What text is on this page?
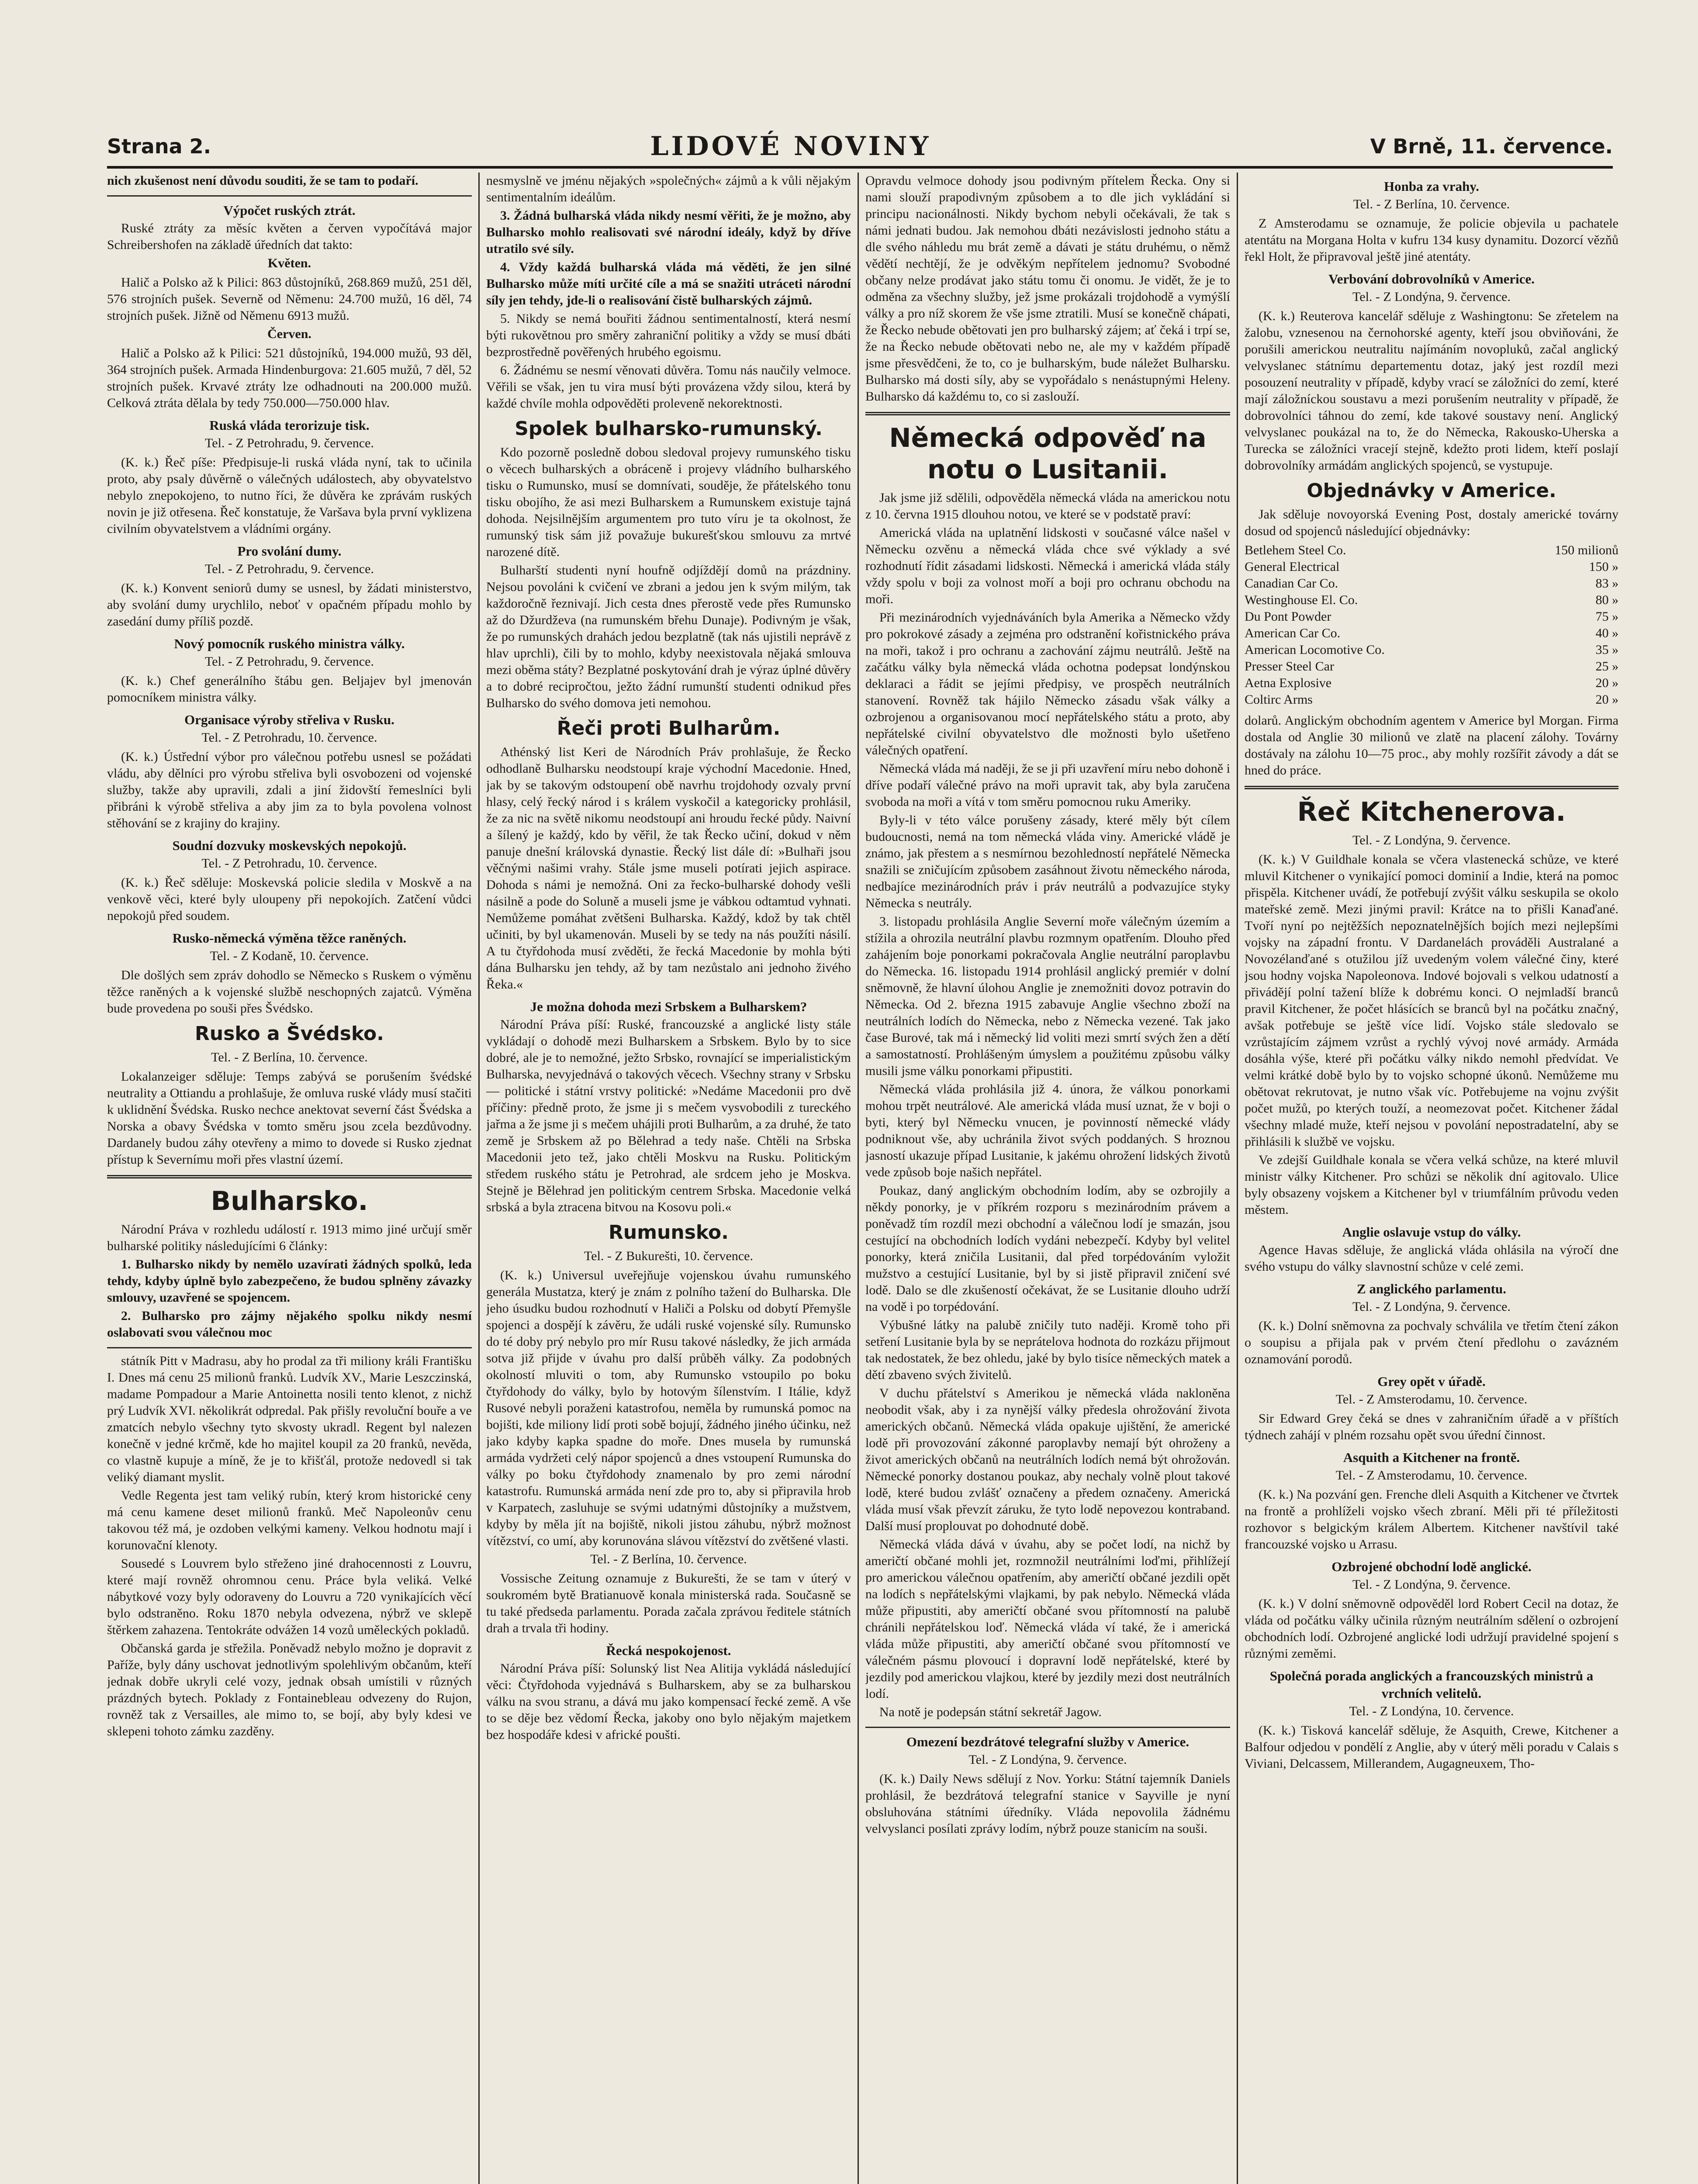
Strana 2.	LIDOVÉ NOVINY	V Brně, 11. července.

nich zkušenost není důvodu souditi, že se tam to podaří.

Výpočet ruských ztrát.

Ruské ztráty za měsíc květen a červen vypočítává major Schreibershofen na základě úředních dat takto:

Květen.

Halič a Polsko až k Pilici: 863 důstojníků, 268.869 mužů, 251 děl, 576 strojních pušek. Severně od Němenu: 24.700 mužů, 16 děl, 74 strojních pušek. Jižně od Němenu 6913 mužů.

Červen.

Halič a Polsko až k Pilici: 521 důstojníků, 194.000 mužů, 93 děl, 364 strojních pušek. Armada Hindenburgova: 21.605 mužů, 7 děl, 52 strojních pušek. Krvavé ztráty lze odhadnouti na 200.000 mužů. Celková ztráta dělala by tedy 750.000—750.000 hlav.

Ruská vláda terorizuje tisk.
Tel. - Z Petrohradu, 9. července.

(K. k.) Řeč píše: Předpisuje-li ruská vláda nyní, tak to učinila proto, aby psaly důvěrně o válečných událostech, aby obyvatelstvo nebylo znepokojeno, to nutno říci, že důvěra ke zprávám ruských novin je již otřesena. Řeč konstatuje, že Varšava byla první vyklizena civilním obyvatelstvem a vládními orgány.

Pro svolání dumy.
Tel. - Z Petrohradu, 9. července.

(K. k.) Konvent seniorů dumy se usnesl, by žádati ministerstvo, aby svolání dumy urychlilo, neboť v opačném případu mohlo by zasedání dumy příliš pozdě.

Nový pomocník ruského ministra války.
Tel. - Z Petrohradu, 9. července.

(K. k.) Chef generálního štábu gen. Beljajev byl jmenován pomocníkem ministra války.

Organisace výroby střeliva v Rusku.
Tel. - Z Petrohradu, 10. července.

(K. k.) Ústřední výbor pro válečnou potřebu usnesl se požádati vládu, aby dělníci pro výrobu střeliva byli osvobozeni od vojenské služby, takže aby upravili, zdali a jiní židovští řemeslníci byli přibráni k výrobě střeliva a aby jim za to byla povolena volnost stěhování se z krajiny do krajiny.

Soudní dozvuky moskevských nepokojů.
Tel. - Z Petrohradu, 10. července.

(K. k.) Řeč sděluje: Moskevská policie sledila v Moskvě a na venkově věci, které byly uloupeny při nepokojích. Zatčení vůdci nepokojů před soudem.

Rusko-německá výměna těžce raněných.
Tel. - Z Kodaně, 10. července.

Dle došlých sem zpráv dohodlo se Německo s Ruskem o výměnu těžce raněných a k vojenské službě neschopných zajatců. Výměna bude provedena po souši přes Švédsko.

Rusko a Švédsko.
Tel. - Z Berlína, 10. července.

Lokalanzeiger sděluje: Temps zabývá se porušením švédské neutrality a Ottiandu a prohlašuje, že omluva ruské vlády musí stačiti k uklidnění Švédska. Rusko nechce anektovat severní část Švédska a Norska a obavy Švédska v tomto směru jsou zcela bezdůvodny. Dardanely budou záhy otevřeny a mimo to dovede si Rusko zjednat přístup k Severnímu moři přes vlastní území.

Bulharsko.

Národní Práva v rozhledu událostí r. 1913 mimo jiné určují směr bulharské politiky následujícími 6 články:

1. Bulharsko nikdy by nemělo uzavírati žádných spolků, leda tehdy, kdyby úplně bylo zabezpečeno, že budou splněny závazky smlouvy, uzavřené se spojencem.

2. Bulharsko pro zájmy nějakého spolku nikdy nesmí oslabovati svou válečnou moc

státník Pitt v Madrasu, aby ho prodal za tři miliony králi Františku I. Dnes má cenu 25 milionů franků. Ludvík XV., Marie Leszczinská, madame Pompadour a Marie Antoinetta nosili tento klenot, z nichž prý Ludvík XVI. několikrát odpredal. Pak přišly revoluční bouře a ve zmatcích nebylo všechny tyto skvosty ukradl. Regent byl nalezen konečně v jedné krčmě, kde ho majitel koupil za 20 franků, nevěda, co vlastně kupuje a míně, že je to křišťál, protože nedovedl si tak veliký diamant myslit.

Vedle Regenta jest tam veliký rubín, který krom historické ceny má cenu kamene deset milionů franků. Meč Napoleonův cenu takovou též má, je ozdoben velkými kameny. Velkou hodnotu mají i korunovační klenoty.

Sousedé s Louvrem bylo střeženo jiné drahocennosti z Louvru, které mají rovněž ohromnou cenu. Práce byla veliká. Velké nábytkové vozy byly odoraveny do Louvru a 720 vynikajících věcí bylo odstraněno. Roku 1870 nebyla odvezena, nýbrž ve sklepě štěrkem zahazena. Tentokráte odvážen 14 vozů uměleckých pokladů.

Občanská garda je střežila. Poněvadž nebylo možno je dopravit z Paříže, byly dány uschovat jednotlivým spolehlivým občanům, kteří jednak dobře ukryli celé vozy, jednak obsah umístili v různých prázdných bytech. Poklady z Fontainebleau odvezeny do Rujon, rovněž tak z Versailles, ale mimo to, se bojí, aby byly kdesi ve sklepeni tohoto zámku zazděny.

nesmyslně ve jménu nějakých »společných« zájmů a k vůli nějakým sentimentalním ideálům.

3. Žádná bulharská vláda nikdy nesmí věřiti, že je možno, aby Bulharsko mohlo realisovati své národní ideály, když by dříve utratilo své síly.

4. Vždy každá bulharská vláda má věděti, že jen silné Bulharsko může míti určité cíle a má se snažiti utráceti národní síly jen tehdy, jde-li o realisování čistě bulharských zájmů.

5. Nikdy se nemá bouřiti žádnou sentimentalností, která nesmí býti rukovětnou pro směry zahraniční politiky a vždy se musí dbáti bezprostředně pověřených hrubého egoismu.

6. Žádnému se nesmí věnovati důvěra. Tomu nás naučily velmoce. Věřili se však, jen tu vira musí býti provázena vždy silou, která by každé chvíle mohla odpověděti proleveně nekorektnosti.

Spolek bulharsko-rumunský.

Kdo pozorně posledně dobou sledoval projevy rumunského tisku o věcech bulharských a obráceně i projevy vládního bulharského tisku o Rumunsko, musí se domnívati, souděje, že přátelského tonu tisku obojího, že asi mezi Bulharskem a Rumunskem existuje tajná dohoda. Nejsilnějším argumentem pro tuto víru je ta okolnost, že rumunský tisk sám již považuje bukurešťskou smlouvu za mrtvé narozené dítě.

Bulharští studenti nyní houfně odjíždějí domů na prázdniny. Nejsou povoláni k cvičení ve zbrani a jedou jen k svým milým, tak každoročně řeznivají. Jich cesta dnes přerostě vede přes Rumunsko až do Džurdževa (na rumunském břehu Dunaje). Podivným je však, že po rumunských drahách jedou bezplatně (tak nás ujistili neprávě z hlav uprchli), čili by to mohlo, kdyby neexistovala nějaká smlouva mezi oběma státy? Bezplatné poskytování drah je výraz úplné důvěry a to dobré recipročtou, ježto žádní rumunští studenti odnikud přes Bulharsko do svého domova jeti nemohou.

Řeči proti Bulharům.

Athénský list Keri de Národních Práv prohlašuje, že Řecko odhodlaně Bulharsku neodstoupí kraje východní Macedonie. Hned, jak by se takovým odstoupení obě navrhu trojdohody ozvaly první hlasy, celý řecký národ i s králem vyskočil a kategoricky prohlásil, že za nic na světě nikomu neodstoupí ani hroudu řecké půdy. Naivní a šílený je každý, kdo by věřil, že tak Řecko učiní, dokud v něm panuje dnešní královská dynastie. Řecký list dále dí: »Bulhaři jsou věčnými našimi vrahy. Stále jsme museli potírati jejich aspirace. Dohoda s námi je nemožná. Oni za řecko-bulharské dohody vešli násilně a pode do Soluně a museli jsme je vábkou odtamtud vyhnati. Nemůžeme pomáhat zvětšeni Bulharska. Každý, kdož by tak chtěl učiniti, by byl ukamenován. Museli by se tedy na nás použíti násilí. A tu čtyřdohoda musí zvěděti, že řecká Macedonie by mohla býti dána Bulharsku jen tehdy, až by tam nezůstalo ani jednoho živého Řeka.«

Je možna dohoda mezi Srbskem a Bulharskem?

Národní Práva píší: Ruské, francouzské a anglické listy stále vykládají o dohodě mezi Bulharskem a Srbskem. Bylo by to sice dobré, ale je to nemožné, ježto Srbsko, rovnající se imperialistickým Bulharska, nevyjednává o takových věcech. Všechny strany v Srbsku — politické i státní vrstvy politické: »Nedáme Macedonii pro dvě příčiny: předně proto, že jsme ji s mečem vysvobodili z tureckého jařma a že jsme ji s mečem uhájili proti Bulharům, a za druhé, že tato země je Srbskem až po Bělehrad a tedy naše. Chtěli na Srbska Macedonii jeto tež, jako chtěli Moskvu na Rusku. Politickým středem ruského státu je Petrohrad, ale srdcem jeho je Moskva. Stejně je Bělehrad jen politickým centrem Srbska. Macedonie velká srbská a byla ztracena bitvou na Kosovu poli.«

Rumunsko.
Tel. - Z Bukurešti, 10. července.

(K. k.) Universul uveřejňuje vojenskou úvahu rumunského generála Mustatza, který je znám z polního tažení do Bulharska. Dle jeho úsudku budou rozhodnutí v Haliči a Polsku od dobytí Přemyšle spojenci a dospějí k závěru, že událi ruské vojenské síly. Rumunsko do té doby prý nebylo pro mír Rusu takové následky, že jich armáda sotva již přijde v úvahu pro další průběh války. Za podobných okolností mluviti o tom, aby Rumunsko vstoupilo po boku čtyřdohody do války, bylo by hotovým šílenstvím. I Itálie, když Rusové nebyli poraženi katastrofou, neměla by rumunská pomoc na bojišti, kde miliony lidí proti sobě bojují, žádného jiného účinku, než jako kdyby kapka spadne do moře. Dnes musela by rumunská armáda vydržeti celý nápor spojenců a dnes vstoupení Rumunska do války po boku čtyřdohody znamenalo by pro zemi národní katastrofu. Rumunská armáda není zde pro to, aby si připravila hrob v Karpatech, zasluhuje se svými udatnými důstojníky a mužstvem, kdyby by měla jít na bojiště, nikoli jistou záhubu, nýbrž možnost vítězství, co umí, aby korunována slávou vítězství do zvětšené vlasti.

Tel. - Z Berlína, 10. července.

Vossische Zeitung oznamuje z Bukurešti, že se tam v úterý v soukromém bytě Bratianuově konala ministerská rada. Současně se tu také předseda parlamentu. Porada začala zprávou ředitele státních drah a trvala tři hodiny.

Řecká nespokojenost.

Národní Práva píší: Solunský list Nea Alitija vykládá následující věci: Čtyřdohoda vyjednává s Bulharskem, aby se za bulharskou válku na svou stranu, a dává mu jako kompensací řecké země. A vše to se děje bez vědomí Řecka, jakoby ono bylo nějakým majetkem bez hospodáře kdesi v africké poušti.

Opravdu velmoce dohody jsou podivným přítelem Řecka. Ony si nami slouží prapodivným způsobem a to dle jich vykládání si principu nacionálnosti. Nikdy bychom nebyli očekávali, že tak s námi jednati budou. Jak nemohou dbáti nezávislosti jednoho státu a dle svého náhledu mu brát země a dávati je státu druhému, o němž vědětí nechtějí, že je odvěkým nepřítelem jednomu? Svobodné občany nelze prodávat jako státu tomu či onomu. Je vidět, že je to odměna za všechny služby, jež jsme prokázali trojdohodě a vymýšlí války a pro níž skorem že vše jsme ztratili. Musí se konečně chápati, že Řecko nebude obětovati jen pro bulharský zájem; ať čeká i trpí se, že na Řecko nebude obětovati nebo ne, ale my v každém případě jsme přesvědčeni, že to, co je bulharským, bude náležet Bulharsku. Bulharsko má dosti síly, aby se vypořádalo s nenástupnými Heleny. Bulharsko dá každému to, co si zaslouží.

Německá odpověď na notu o Lusitanii.

Jak jsme již sdělili, odpověděla německá vláda na americkou notu z 10. června 1915 dlouhou notou, ve které se v podstatě praví:

Americká vláda na uplatnění lidskosti v současné válce našel v Německu ozvěnu a německá vláda chce své výklady a své rozhodnutí řídit zásadami lidskosti. Německá i americká vláda stály vždy spolu v boji za volnost moří a boji pro ochranu obchodu na moři.

Při mezinárodních vyjednáváních byla Amerika a Německo vždy pro pokrokové zásady a zejména pro odstranění kořistnického práva na moři, takož i pro ochranu a zachování zájmu neutrálů. Ještě na začátku války byla německá vláda ochotna podepsat londýnskou deklaraci a řádit se jejími předpisy, ve prospěch neutrálních stanovení. Rovněž tak hájilo Německo zásadu však války a ozbrojenou a organisovanou mocí nepřátelského státu a proto, aby nepřátelské civilní obyvatelstvo dle možnosti bylo ušetřeno válečných opatření.

Německá vláda má naději, že se ji při uzavření míru nebo dohoně i dříve podaří válečné právo na moři upravit tak, aby byla zaručena svoboda na moři a vítá v tom směru pomocnou ruku Ameriky.

Byly-li v této válce porušeny zásady, které měly být cílem budoucnosti, nemá na tom německá vláda viny. Americké vládě je známo, jak přestem a s nesmírnou bezohledností nepřátelé Německa snažili se zničujícím způsobem zasáhnout životu německého národa, nedbajíce mezinárodních práv i práv neutrálů a podvazujíce styky Německa s neutrály.

3. listopadu prohlásila Anglie Severní moře válečným územím a stížila a ohrozila neutrální plavbu rozmnym opatřením. Dlouho před zahájením boje ponorkami pokračovala Anglie neutrální paroplavbu do Německa. 16. listopadu 1914 prohlásil anglický premiér v dolní sněmovně, že hlavní úlohou Anglie je znemožniti dovoz potravin do Německa. Od 2. března 1915 zabavuje Anglie všechno zboží na neutrálních lodích do Německa, nebo z Německa vezené. Tak jako čase Burové, tak má i německý lid voliti mezi smrtí svých žen a dětí a samostatností. Prohlášeným úmyslem a použitému způsobu války musili jsme válku ponorkami připustiti.

Německá vláda prohlásila již 4. února, že válkou ponorkami mohou trpět neutrálové. Ale americká vláda musí uznat, že v boji o byti, který byl Německu vnucen, je povinností německé vlády podniknout vše, aby uchránila život svých poddaných. S hroznou jasností ukazuje případ Lusitanie, k jakému ohrožení lidských životů vede způsob boje našich nepřátel.

Poukaz, daný anglickým obchodním lodím, aby se ozbrojily a někdy ponorky, je v příkrém rozporu s mezinárodním právem a poněvadž tím rozdíl mezi obchodní a válečnou lodí je smazán, jsou cestující na obchodních lodích vydáni nebezpečí. Kdyby byl velitel ponorky, která zničila Lusitanii, dal před torpédováním vyložit mužstvo a cestující Lusitanie, byl by si jistě připravil zničení své lodě. Dalo se dle zkušeností očekávat, že se Lusitanie dlouho udrží na vodě i po torpédování.

Výbušné látky na palubě zničily tuto naději. Kromě toho při setření Lusitanie byla by se neprátelova hodnota do rozkázu přijmout tak nedostatek, že bez ohledu, jaké by bylo tisíce německých matek a dětí zbaveno svých živitelů.

V duchu přátelství s Amerikou je německá vláda nakloněna neobodit však, aby i za nynější války předesla ohrožování života amerických občanů. Německá vláda opakuje ujištění, že americké lodě při provozování zákonné paroplavby nemají být ohroženy a život amerických občanů na neutrálních lodích nemá být ohrožován. Německé ponorky dostanou poukaz, aby nechaly volně plout takové lodě, které budou zvlášť označeny a předem označeny. Americká vláda musí však převzít záruku, že tyto lodě nepovezou kontraband. Další musí proplouvat po dohodnuté době.

Německá vláda dává v úvahu, aby se počet lodí, na nichž by američtí občané mohli jet, rozmnožil neutrálními loďmi, přihlížejí pro americkou válečnou opatřením, aby američtí občané jezdili opět na lodích s nepřátelskými vlajkami, by pak nebylo. Německá vláda může připustiti, aby američtí občané svou přítomností na palubě chránili nepřátelskou loď. Německá vláda ví také, že i americká vláda může připustiti, aby američtí občané svou přítomností ve válečném pásmu plovoucí i dopravní lodě nepřátelské, které by jezdily pod americkou vlajkou, které by jezdily mezi dost neutrálních lodí.

Na notě je podepsán státní sekretář Jagow.

Omezení bezdrátové telegrafní služby v Americe.
Tel. - Z Londýna, 9. července.

(K. k.) Daily News sdělují z Nov. Yorku: Státní tajemník Daniels prohlásil, že bezdrátová telegrafní stanice v Sayville je nyní obsluhována státními úředníky. Vláda nepovolila žádnému velvyslanci posílati zprávy lodím, nýbrž pouze stanicím na souši.

Honba za vrahy.
Tel. - Z Berlína, 10. července.

Z Amsterodamu se oznamuje, že policie objevila u pachatele atentátu na Morgana Holta v kufru 134 kusy dynamitu. Dozorcí vězňů řekl Holt, že připravoval ještě jiné atentáty.

Verbování dobrovolníků v Americe.
Tel. - Z Londýna, 9. července.

(K. k.) Reuterova kancelář sděluje z Washingtonu: Se zřetelem na žalobu, vznesenou na černohorské agenty, kteří jsou obviňováni, že porušili americkou neutralitu najímáním novopluků, začal anglický velvyslanec státnímu departementu dotaz, jaký jest rozdíl mezi posouzení neutrality v případě, kdyby vrací se záložníci do zemí, které mají záložníckou soustavu a mezi porušením neutrality v případě, že dobrovolníci táhnou do zemí, kde takové soustavy není. Anglický velvyslanec poukázal na to, že do Německa, Rakousko-Uherska a Turecka se záložníci vracejí stejně, kdežto proti lidem, kteří poslají dobrovolníky armádám anglických spojenců, se vystupuje.

Objednávky v Americe.

Jak sděluje novoyorská Evening Post, dostaly americké továrny dosud od spojenců následující objednávky:

Betlehem Steel Co.	150 milionů
General Electrical	150 »
Canadian Car Co.	83 »
Westinghouse El. Co.	80 »
Du Pont Powder	75 »
American Car Co.	40 »
American Locomotive Co.	35 »
Presser Steel Car	25 »
Aetna Explosive	20 »
Coltirc Arms	20 »

dolarů. Anglickým obchodním agentem v Americe byl Morgan. Firma dostala od Anglie 30 milionů ve zlatě na placení zálohy. Továrny dostávaly na zálohu 10—75 proc., aby mohly rozšířit závody a dát se hned do práce.

Řeč Kitchenerova.
Tel. - Z Londýna, 9. července.

(K. k.) V Guildhale konala se včera vlastenecká schůze, ve které mluvil Kitchener o vynikající pomoci dominií a Indie, která na pomoc přispěla. Kitchener uvádí, že potřebují zvýšit válku seskupila se okolo mateřské země. Mezi jinými pravil: Krátce na to přišli Kanaďané. Tvoří nyní po nejtěžších nepoznatelnějších bojích mezi nejlepšími vojsky na západní frontu. V Dardanelách prováděli Australané a Novozélanďané s otužilou jíž uvedeným volem válečné činy, které jsou hodny vojska Napoleonova. Indové bojovali s velkou udatností a přivádějí polní tažení blíže k dobrému konci. O nejmladší branců pravil Kitchener, že počet hlásících se branců byl na počátku značný, avšak potřebuje se ještě více lidí. Vojsko stále sledovalo se vzrůstajícím zájmem vzrůst a rychlý vývoj nové armády. Armáda dosáhla výše, které při počátku války nikdo nemohl předvídat. Ve velmi krátké době bylo by to vojsko schopné úkonů. Nemůžeme mu obětovat rekrutovat, je nutno však víc. Potřebujeme na vojnu zvýšit počet mužů, po kterých touží, a neomezovat počet. Kitchener žádal všechny mladé muže, kteří nejsou v povolání nepostradatelní, aby se přihlásili k službě ve vojsku.

Ve zdejší Guildhale konala se včera velká schůze, na které mluvil ministr války Kitchener. Pro schůzi se několik dní agitovalo. Ulice byly obsazeny vojskem a Kitchener byl v triumfálním průvodu veden městem.

Anglie oslavuje vstup do války.

Agence Havas sděluje, že anglická vláda ohlásila na výročí dne svého vstupu do války slavnostní schůze v celé zemi.

Z anglického parlamentu.
Tel. - Z Londýna, 9. července.

(K. k.) Dolní sněmovna za pochvaly schválila ve třetím čtení zákon o soupisu a přijala pak v prvém čtení předlohu o zavázném oznamování porodů.

Grey opět v úřadě.
Tel. - Z Amsterodamu, 10. července.

Sir Edward Grey čeká se dnes v zahraničním úřadě a v příštích týdnech zahájí v plném rozsahu opět svou úřední činnost.

Asquith a Kitchener na frontě.
Tel. - Z Amsterodamu, 10. července.

(K. k.) Na pozvání gen. Frenche dleli Asquith a Kitchener ve čtvrtek na frontě a prohlíželi vojsko všech zbraní. Měli při té příležitosti rozhovor s belgickým králem Albertem. Kitchener navštívil také francouzské vojsko u Arrasu.

Ozbrojené obchodní lodě anglické.
Tel. - Z Londýna, 9. července.

(K. k.) V dolní sněmovně odpověděl lord Robert Cecil na dotaz, že vláda od počátku války učinila různým neutrálním sdělení o ozbrojení obchodních lodí. Ozbrojené anglické lodi udržují pravidelné spojení s různými zeměmi.

Společná porada anglických a francouzských ministrů a vrchních velitelů.
Tel. - Z Londýna, 10. července.

(K. k.) Tisková kancelář sděluje, že Asquith, Crewe, Kitchener a Balfour odjedou v pondělí z Anglie, aby v úterý měli poradu v Calais s Viviani, Delcassem, Millerandem, Augagneuxem, Tho-
